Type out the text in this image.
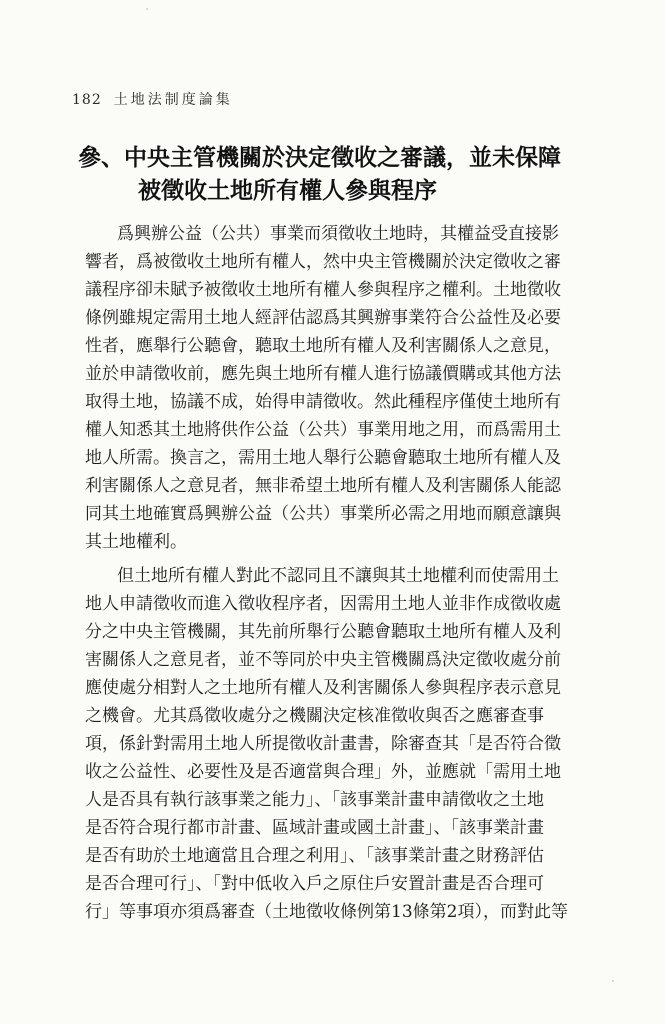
182 土地法制度論集
參、中央主管機關於決定徵收之審議，並未保障
被徵收土地所有權人參與程序

爲興辦公益（公共）事業而須徵收土地時，其權益受直接影
響者，爲被徵收土地所有權人，然中央主管機關於決定徵收之審
議程序卻未賦予被徵收土地所有權人參與程序之權利。土地徵收
條例雖規定需用土地人經評估認爲其興辦事業符合公益性及必要
性者，應舉行公聽會，聽取土地所有權人及利害關係人之意見，
並於申請徵收前，應先與土地所有權人進行協議價購或其他方法
取得土地，協議不成，始得申請徵收。然此種程序僅使土地所有
權人知悉其土地將供作公益（公共）事業用地之用，而爲需用土
地人所需。換言之，需用土地人舉行公聽會聽取土地所有權人及
利害關係人之意見者，無非希望土地所有權人及利害關係人能認
同其土地確實爲興辦公益（公共）事業所必需之用地而願意讓與
其土地權利。

但土地所有權人對此不認同且不讓與其土地權利而使需用土
地人申請徵收而進入徵收程序者，因需用土地人並非作成徵收處
分之中央主管機關，其先前所舉行公聽會聽取土地所有權人及利
害關係人之意見者，並不等同於中央主管機關爲決定徵收處分前
應使處分相對人之土地所有權人及利害關係人參與程序表示意見
之機會。尤其爲徵收處分之機關決定核准徵收與否之應審查事
項，係針對需用土地人所提徵收計畫書，除審查其「是否符合徵
收之公益性、必要性及是否適當與合理」外，並應就「需用土地
人是否具有執行該事業之能力」、「該事業計畫申請徵收之土地
是否符合現行都市計畫、區域計畫或國土計畫」、「該事業計畫
是否有助於土地適當且合理之利用」、「該事業計畫之財務評估
是否合理可行」、「對中低收入戶之原住戶安置計畫是否合理可
行」等事項亦須爲審查（土地徵收條例第13條第2項），而對此等
